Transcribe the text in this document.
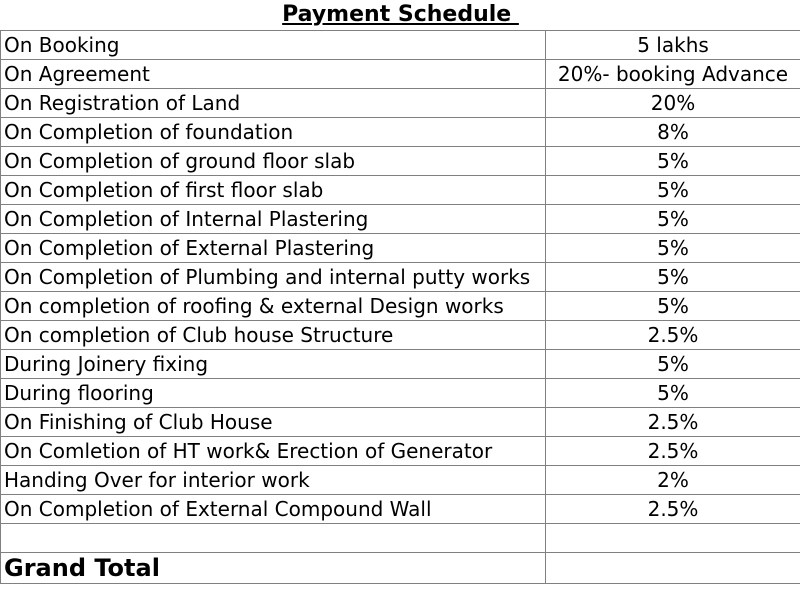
Payment Schedule	
On Booking	5 lakhs
On Agreement	20%- booking Advance
On Registration of Land	20%
On Completion of foundation	8%
On Completion of ground floor slab	5%
On Completion of first floor slab	5%
On Completion of Internal Plastering	5%
On Completion of External Plastering	5%
On Completion of Plumbing and internal putty works	5%
On completion of roofing & external Design works	5%
On completion of Club house Structure	2.5%
During Joinery fixing	5%
During flooring	5%
On Finishing of Club House	2.5%
On Comletion of HT work& Erection of Generator	2.5%
Handing Over for interior work	2%
On Completion of External Compound Wall	2.5%

Grand Total	
